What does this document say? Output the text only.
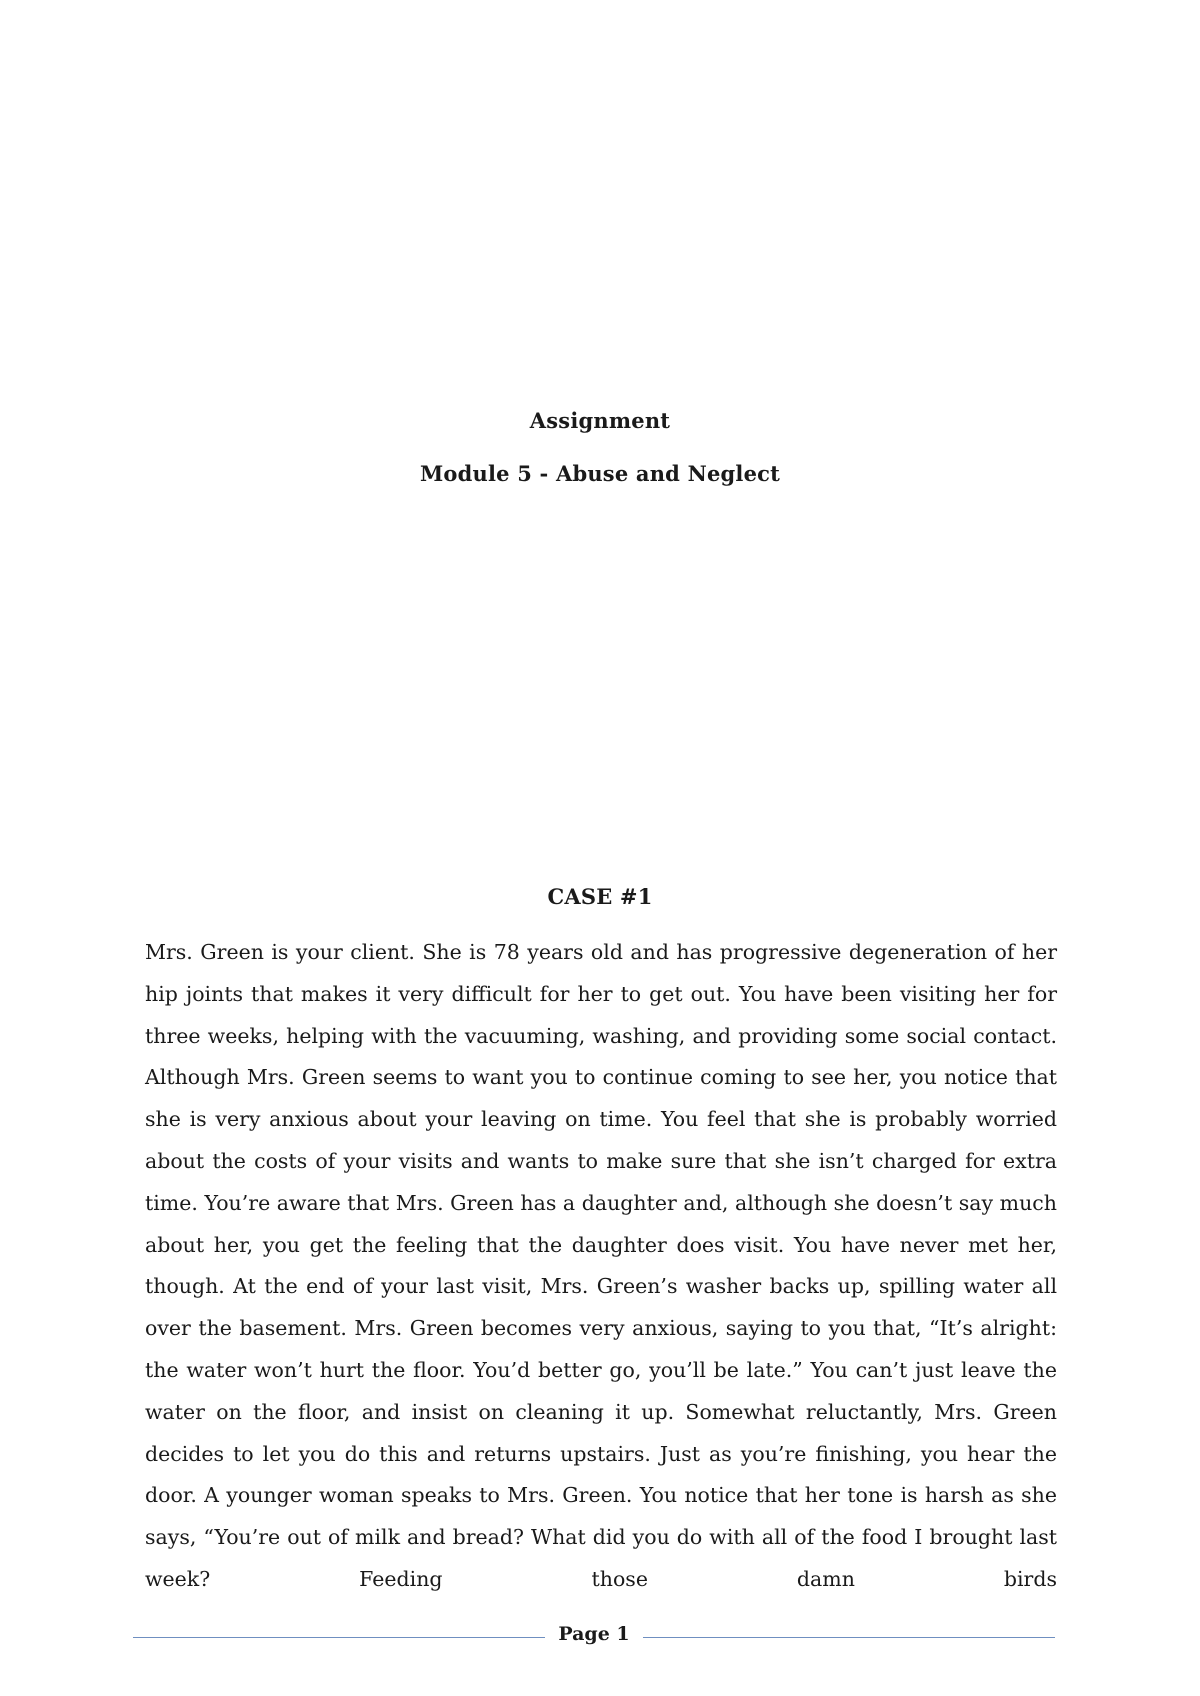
Assignment
Module 5 - Abuse and Neglect
CASE #1

Mrs. Green is your client. She is 78 years old and has progressive degeneration of her hip joints that makes it very difficult for her to get out. You have been visiting her for three weeks, helping with the vacuuming, washing, and providing some social contact. Although Mrs. Green seems to want you to continue coming to see her, you notice that she is very anxious about your leaving on time. You feel that she is probably worried about the costs of your visits and wants to make sure that she isn’t charged for extra time. You’re aware that Mrs. Green has a daughter and, although she doesn’t say much about her, you get the feeling that the daughter does visit. You have never met her, though. At the end of your last visit, Mrs. Green’s washer backs up, spilling water all over the basement. Mrs. Green becomes very anxious, saying to you that, “It’s alright: the water won’t hurt the floor. You’d better go, you’ll be late.” You can’t just leave the water on the floor, and insist on cleaning it up. Somewhat reluctantly, Mrs. Green decides to let you do this and returns upstairs. Just as you’re finishing, you hear the door. A younger woman speaks to Mrs. Green. You notice that her tone is harsh as she says, “You’re out of milk and bread? What did you do with all of the food I brought last week? Feeding those damn birds

Page 1
